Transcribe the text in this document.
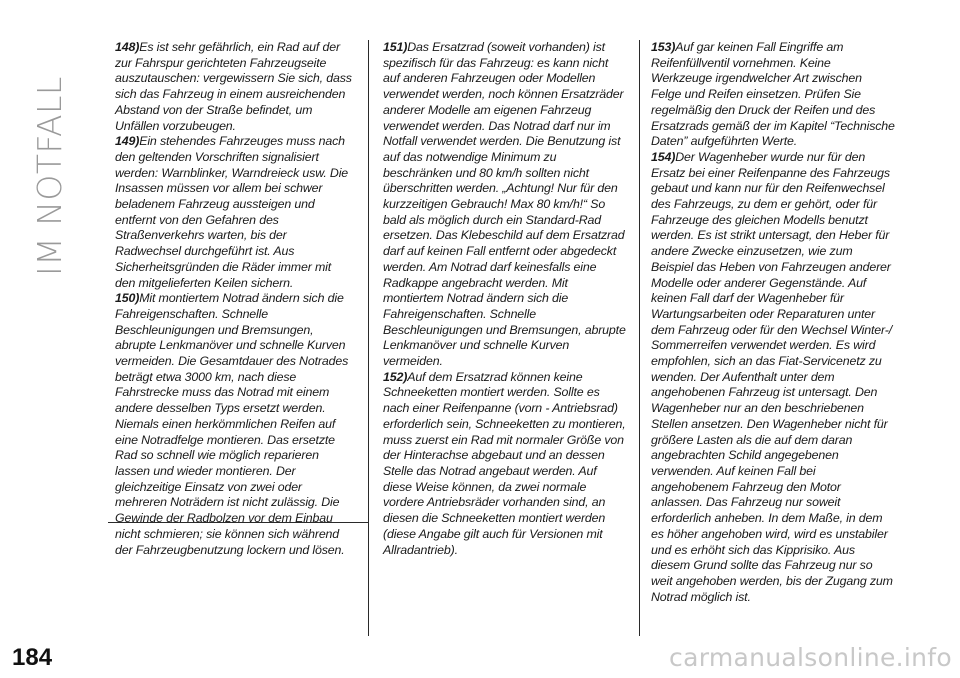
IM NOTFALL
148)Es ist sehr gefährlich, ein Rad auf der zur Fahrspur gerichteten Fahrzeugseite auszutauschen: vergewissern Sie sich, dass sich das Fahrzeug in einem ausreichenden Abstand von der Straße befindet, um Unfällen vorzubeugen.
149)Ein stehendes Fahrzeuges muss nach den geltenden Vorschriften signalisiert werden: Warnblinker, Warndreieck usw. Die Insassen müssen vor allem bei schwer beladenem Fahrzeug aussteigen und entfernt von den Gefahren des Straßenverkehrs warten, bis der Radwechsel durchgeführt ist. Aus Sicherheitsgründen die Räder immer mit den mitgelieferten Keilen sichern.
150)Mit montiertem Notrad ändern sich die Fahreigenschaften. Schnelle Beschleunigungen und Bremsungen, abrupte Lenkmanöver und schnelle Kurven vermeiden. Die Gesamtdauer des Notrades beträgt etwa 3000 km, nach diese Fahrstrecke muss das Notrad mit einem andere desselben Typs ersetzt werden. Niemals einen herkömmlichen Reifen auf eine Notradfelge montieren. Das ersetzte Rad so schnell wie möglich reparieren lassen und wieder montieren. Der gleichzeitige Einsatz von zwei oder mehreren Noträdern ist nicht zulässig. Die Gewinde der Radbolzen vor dem Einbau nicht schmieren; sie können sich während der Fahrzeugbenutzung lockern und lösen.
151)Das Ersatzrad (soweit vorhanden) ist spezifisch für das Fahrzeug: es kann nicht auf anderen Fahrzeugen oder Modellen verwendet werden, noch können Ersatzräder anderer Modelle am eigenen Fahrzeug verwendet werden. Das Notrad darf nur im Notfall verwendet werden. Die Benutzung ist auf das notwendige Minimum zu beschränken und 80 km/h sollten nicht überschritten werden. „Achtung! Nur für den kurzzeitigen Gebrauch! Max 80 km/h!“ So bald als möglich durch ein Standard-Rad ersetzen. Das Klebeschild auf dem Ersatzrad darf auf keinen Fall entfernt oder abgedeckt werden. Am Notrad darf keinesfalls eine Radkappe angebracht werden. Mit montiertem Notrad ändern sich die Fahreigenschaften. Schnelle Beschleunigungen und Bremsungen, abrupte Lenkmanöver und schnelle Kurven vermeiden.
152)Auf dem Ersatzrad können keine Schneeketten montiert werden. Sollte es nach einer Reifenpanne (vorn - Antriebsrad) erforderlich sein, Schneeketten zu montieren, muss zuerst ein Rad mit normaler Größe von der Hinterachse abgebaut und an dessen Stelle das Notrad angebaut werden. Auf diese Weise können, da zwei normale vordere Antriebsräder vorhanden sind, an diesen die Schneeketten montiert werden (diese Angabe gilt auch für Versionen mit Allradantrieb).
153)Auf gar keinen Fall Eingriffe am Reifenfüllventil vornehmen. Keine Werkzeuge irgendwelcher Art zwischen Felge und Reifen einsetzen. Prüfen Sie regelmäßig den Druck der Reifen und des Ersatzrads gemäß der im Kapitel “Technische Daten” aufgeführten Werte.
154)Der Wagenheber wurde nur für den Ersatz bei einer Reifenpanne des Fahrzeugs gebaut und kann nur für den Reifenwechsel des Fahrzeugs, zu dem er gehört, oder für Fahrzeuge des gleichen Modells benutzt werden. Es ist strikt untersagt, den Heber für andere Zwecke einzusetzen, wie zum Beispiel das Heben von Fahrzeugen anderer Modelle oder anderer Gegenstände. Auf keinen Fall darf der Wagenheber für Wartungsarbeiten oder Reparaturen unter dem Fahrzeug oder für den Wechsel Winter-/ Sommerreifen verwendet werden. Es wird empfohlen, sich an das Fiat-Servicenetz zu wenden. Der Aufenthalt unter dem angehobenen Fahrzeug ist untersagt. Den Wagenheber nur an den beschriebenen Stellen ansetzen. Den Wagenheber nicht für größere Lasten als die auf dem daran angebrachten Schild angegebenen verwenden. Auf keinen Fall bei angehobenem Fahrzeug den Motor anlassen. Das Fahrzeug nur soweit erforderlich anheben. In dem Maße, in dem es höher angehoben wird, wird es unstabiler und es erhöht sich das Kipprisiko. Aus diesem Grund sollte das Fahrzeug nur so weit angehoben werden, bis der Zugang zum Notrad möglich ist.
184	carmanualsonline.info
